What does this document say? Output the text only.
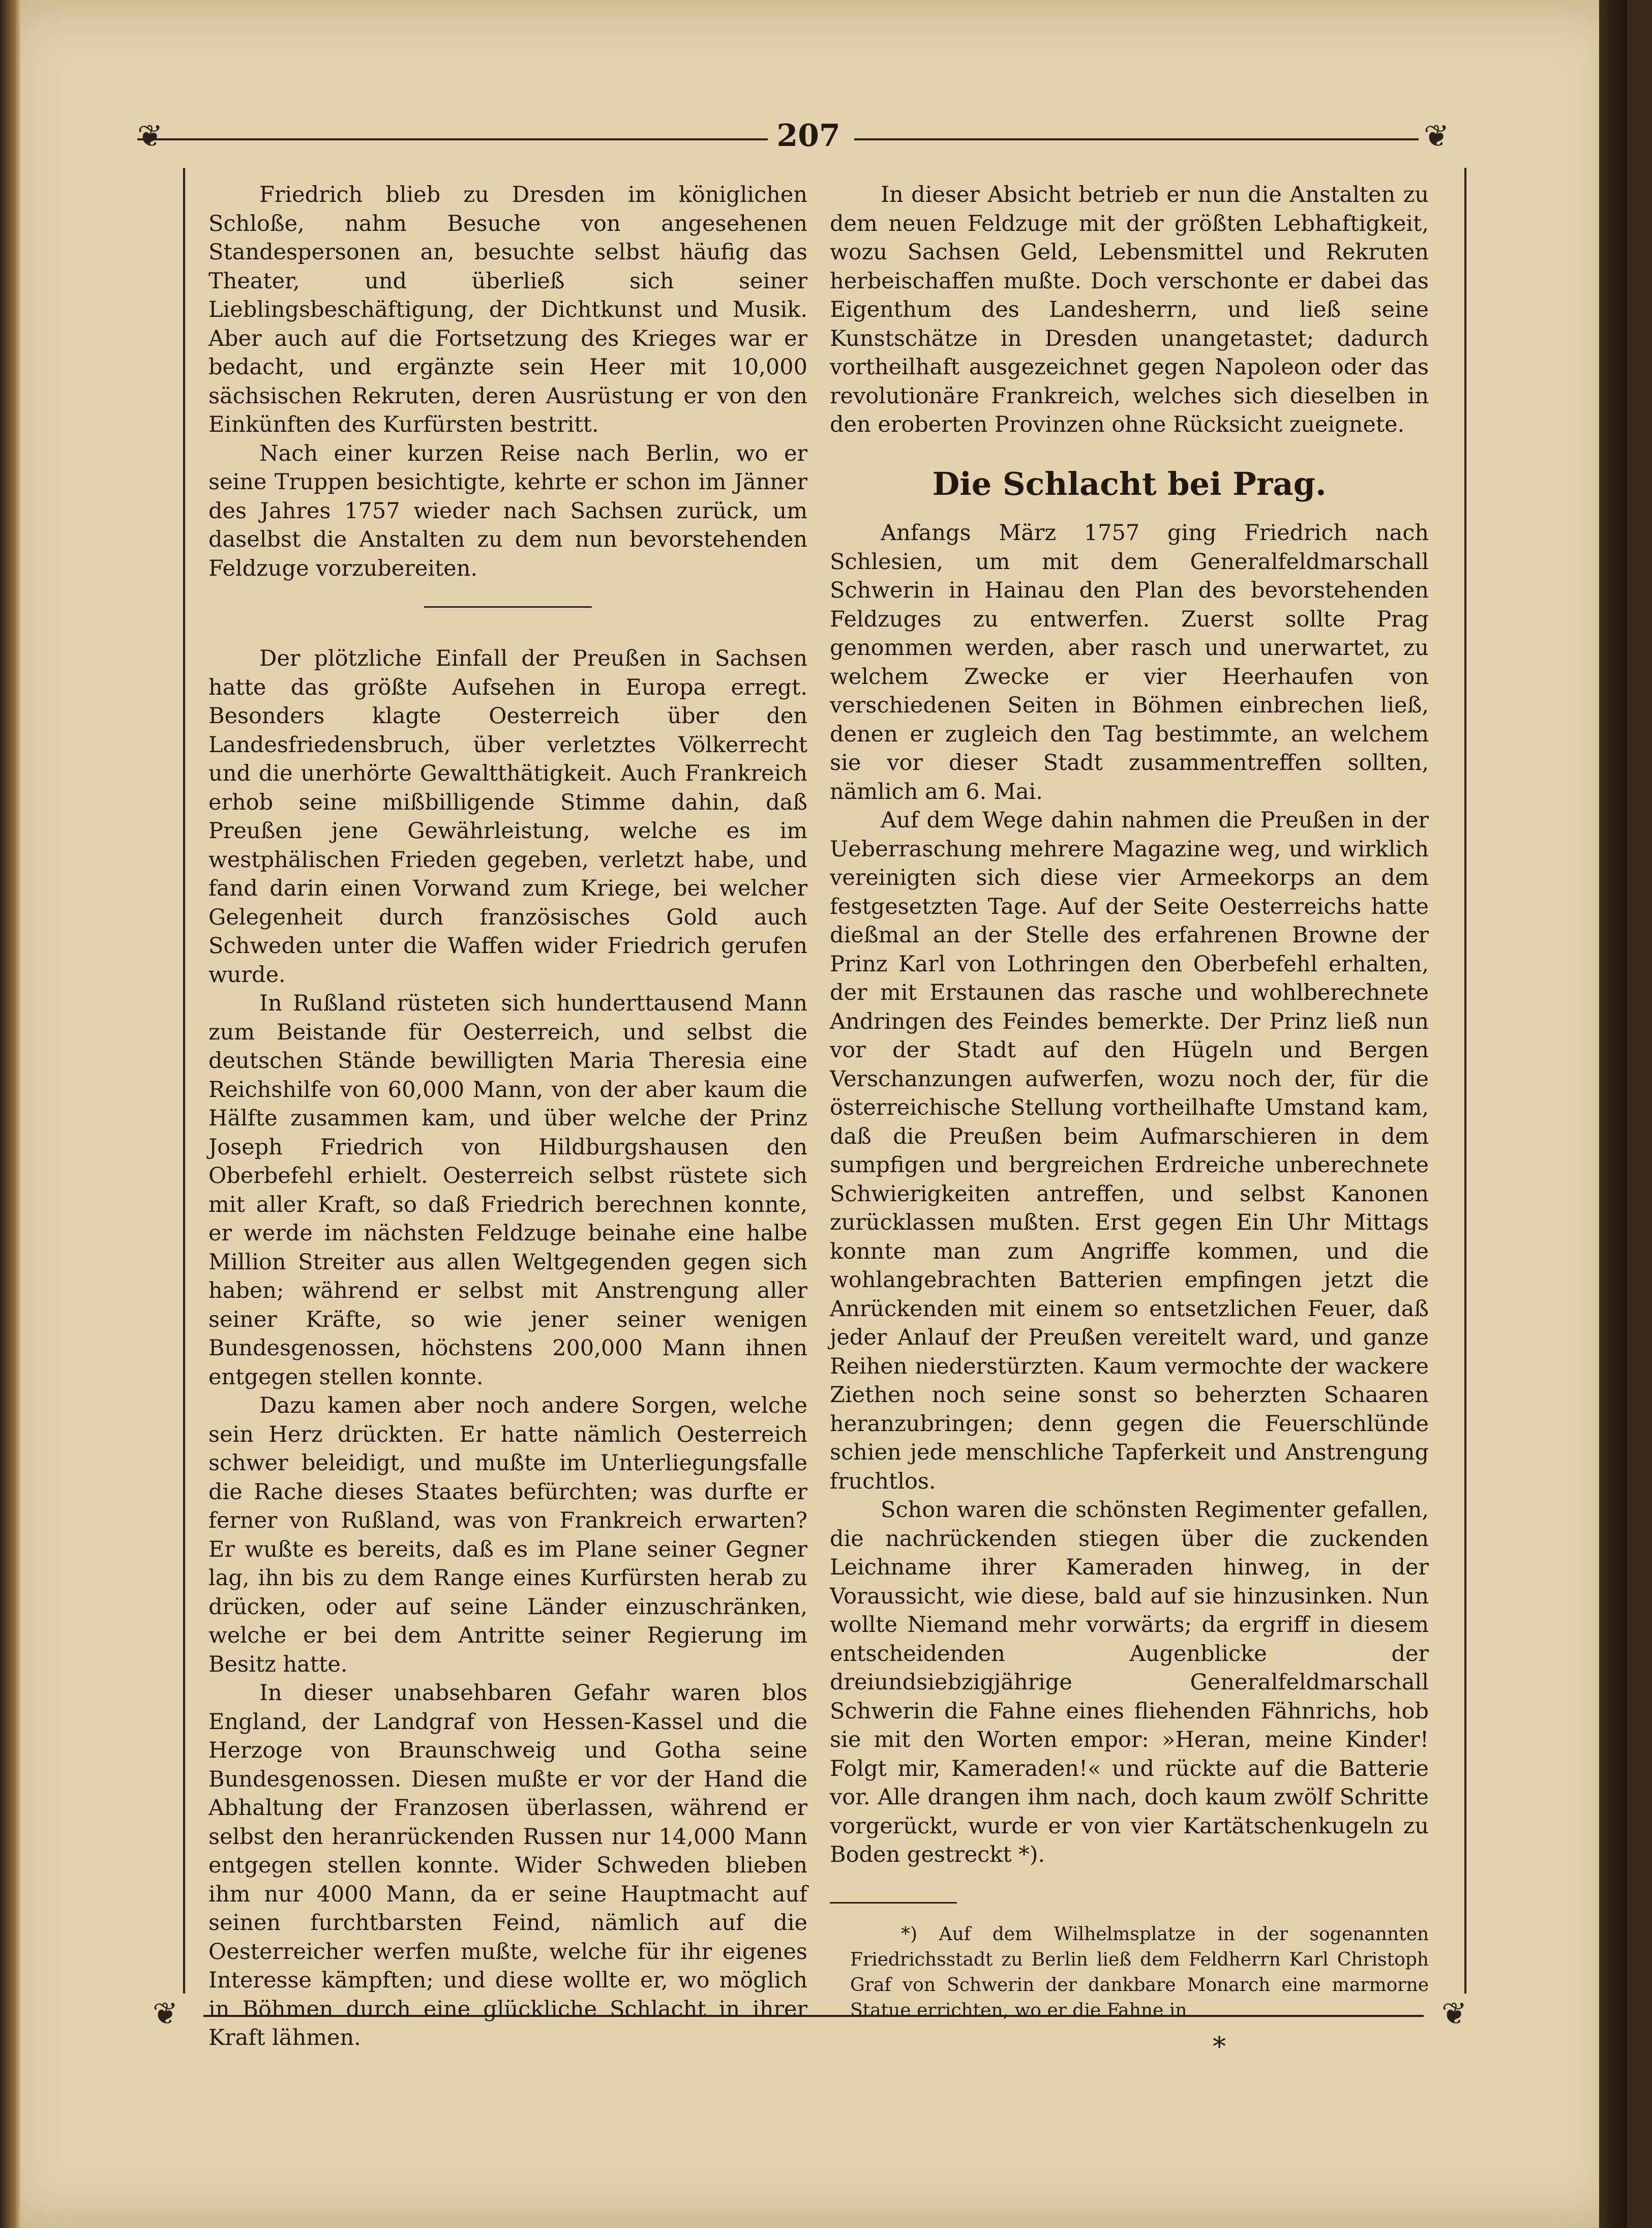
❦	❦
❦	❦
207

Friedrich blieb zu Dresden im königlichen Schloße, nahm Besuche von angesehenen Standespersonen an, besuchte selbst häufig das Theater, und überließ sich seiner Lieblingsbeschäftigung, der Dichtkunst und Musik. Aber auch auf die Fortsetzung des Krieges war er bedacht, und ergänzte sein Heer mit 10,000 sächsischen Rekruten, deren Ausrüstung er von den Einkünften des Kurfürsten bestritt.

Nach einer kurzen Reise nach Berlin, wo er seine Truppen besichtigte, kehrte er schon im Jänner des Jahres 1757 wieder nach Sachsen zurück, um daselbst die Anstalten zu dem nun bevorstehenden Feldzuge vorzubereiten.

Der plötzliche Einfall der Preußen in Sachsen hatte das größte Aufsehen in Europa erregt. Besonders klagte Oesterreich über den Landesfriedensbruch, über verletztes Völkerrecht und die unerhörte Gewaltthätigkeit. Auch Frankreich erhob seine mißbilligende Stimme dahin, daß Preußen jene Gewährleistung, welche es im westphälischen Frieden gegeben, verletzt habe, und fand darin einen Vorwand zum Kriege, bei welcher Gelegenheit durch französisches Gold auch Schweden unter die Waffen wider Friedrich gerufen wurde.

In Rußland rüsteten sich hunderttausend Mann zum Beistande für Oesterreich, und selbst die deutschen Stände bewilligten Maria Theresia eine Reichshilfe von 60,000 Mann, von der aber kaum die Hälfte zusammen kam, und über welche der Prinz Joseph Friedrich von Hildburgshausen den Oberbefehl erhielt. Oesterreich selbst rüstete sich mit aller Kraft, so daß Friedrich berechnen konnte, er werde im nächsten Feldzuge beinahe eine halbe Million Streiter aus allen Weltgegenden gegen sich haben; während er selbst mit Anstrengung aller seiner Kräfte, so wie jener seiner wenigen Bundesgenossen, höchstens 200,000 Mann ihnen entgegen stellen konnte.

Dazu kamen aber noch andere Sorgen, welche sein Herz drückten. Er hatte nämlich Oesterreich schwer beleidigt, und mußte im Unterliegungsfalle die Rache dieses Staates befürchten; was durfte er ferner von Rußland, was von Frankreich erwarten? Er wußte es bereits, daß es im Plane seiner Gegner lag, ihn bis zu dem Range eines Kurfürsten herab zu drücken, oder auf seine Länder einzuschränken, welche er bei dem Antritte seiner Regierung im Besitz hatte.

In dieser unabsehbaren Gefahr waren blos England, der Landgraf von Hessen-Kassel und die Herzoge von Braunschweig und Gotha seine Bundesgenossen. Diesen mußte er vor der Hand die Abhaltung der Franzosen überlassen, während er selbst den heranrückenden Russen nur 14,000 Mann entgegen stellen konnte. Wider Schweden blieben ihm nur 4000 Mann, da er seine Hauptmacht auf seinen furchtbarsten Feind, nämlich auf die Oesterreicher werfen mußte, welche für ihr eigenes Interesse kämpften; und diese wollte er, wo möglich in Böhmen durch eine glückliche Schlacht in ihrer Kraft lähmen.

In dieser Absicht betrieb er nun die Anstalten zu dem neuen Feldzuge mit der größten Lebhaftigkeit, wozu Sachsen Geld, Lebensmittel und Rekruten herbeischaffen mußte. Doch verschonte er dabei das Eigenthum des Landesherrn, und ließ seine Kunstschätze in Dresden unangetastet; dadurch vortheilhaft ausgezeichnet gegen Napoleon oder das revolutionäre Frankreich, welches sich dieselben in den eroberten Provinzen ohne Rücksicht zueignete.

Die Schlacht bei Prag.

Anfangs März 1757 ging Friedrich nach Schlesien, um mit dem Generalfeldmarschall Schwerin in Hainau den Plan des bevorstehenden Feldzuges zu entwerfen. Zuerst sollte Prag genommen werden, aber rasch und unerwartet, zu welchem Zwecke er vier Heerhaufen von verschiedenen Seiten in Böhmen einbrechen ließ, denen er zugleich den Tag bestimmte, an welchem sie vor dieser Stadt zusammentreffen sollten, nämlich am 6. Mai.

Auf dem Wege dahin nahmen die Preußen in der Ueberraschung mehrere Magazine weg, und wirklich vereinigten sich diese vier Armeekorps an dem festgesetzten Tage. Auf der Seite Oesterreichs hatte dießmal an der Stelle des erfahrenen Browne der Prinz Karl von Lothringen den Oberbefehl erhalten, der mit Erstaunen das rasche und wohlberechnete Andringen des Feindes bemerkte. Der Prinz ließ nun vor der Stadt auf den Hügeln und Bergen Verschanzungen aufwerfen, wozu noch der, für die österreichische Stellung vortheilhafte Umstand kam, daß die Preußen beim Aufmarschieren in dem sumpfigen und bergreichen Erdreiche unberechnete Schwierigkeiten antreffen, und selbst Kanonen zurücklassen mußten. Erst gegen Ein Uhr Mittags konnte man zum Angriffe kommen, und die wohlangebrachten Batterien empfingen jetzt die Anrückenden mit einem so entsetzlichen Feuer, daß jeder Anlauf der Preußen vereitelt ward, und ganze Reihen niederstürzten. Kaum vermochte der wackere Ziethen noch seine sonst so beherzten Schaaren heranzubringen; denn gegen die Feuerschlünde schien jede menschliche Tapferkeit und Anstrengung fruchtlos.

Schon waren die schönsten Regimenter gefallen, die nachrückenden stiegen über die zuckenden Leichname ihrer Kameraden hinweg, in der Voraussicht, wie diese, bald auf sie hinzusinken. Nun wollte Niemand mehr vorwärts; da ergriff in diesem entscheidenden Augenblicke der dreiundsiebzigjährige Generalfeldmarschall Schwerin die Fahne eines fliehenden Fähnrichs, hob sie mit den Worten empor: »Heran, meine Kinder! Folgt mir, Kameraden!« und rückte auf die Batterie vor. Alle drangen ihm nach, doch kaum zwölf Schritte vorgerückt, wurde er von vier Kartätschenkugeln zu Boden gestreckt *).

*) Auf dem Wilhelmsplatze in der sogenannten Friedrichsstadt zu Berlin ließ dem Feldherrn Karl Christoph Graf von Schwerin der dankbare Monarch eine marmorne Statue errichten, wo er die Fahne in

*
